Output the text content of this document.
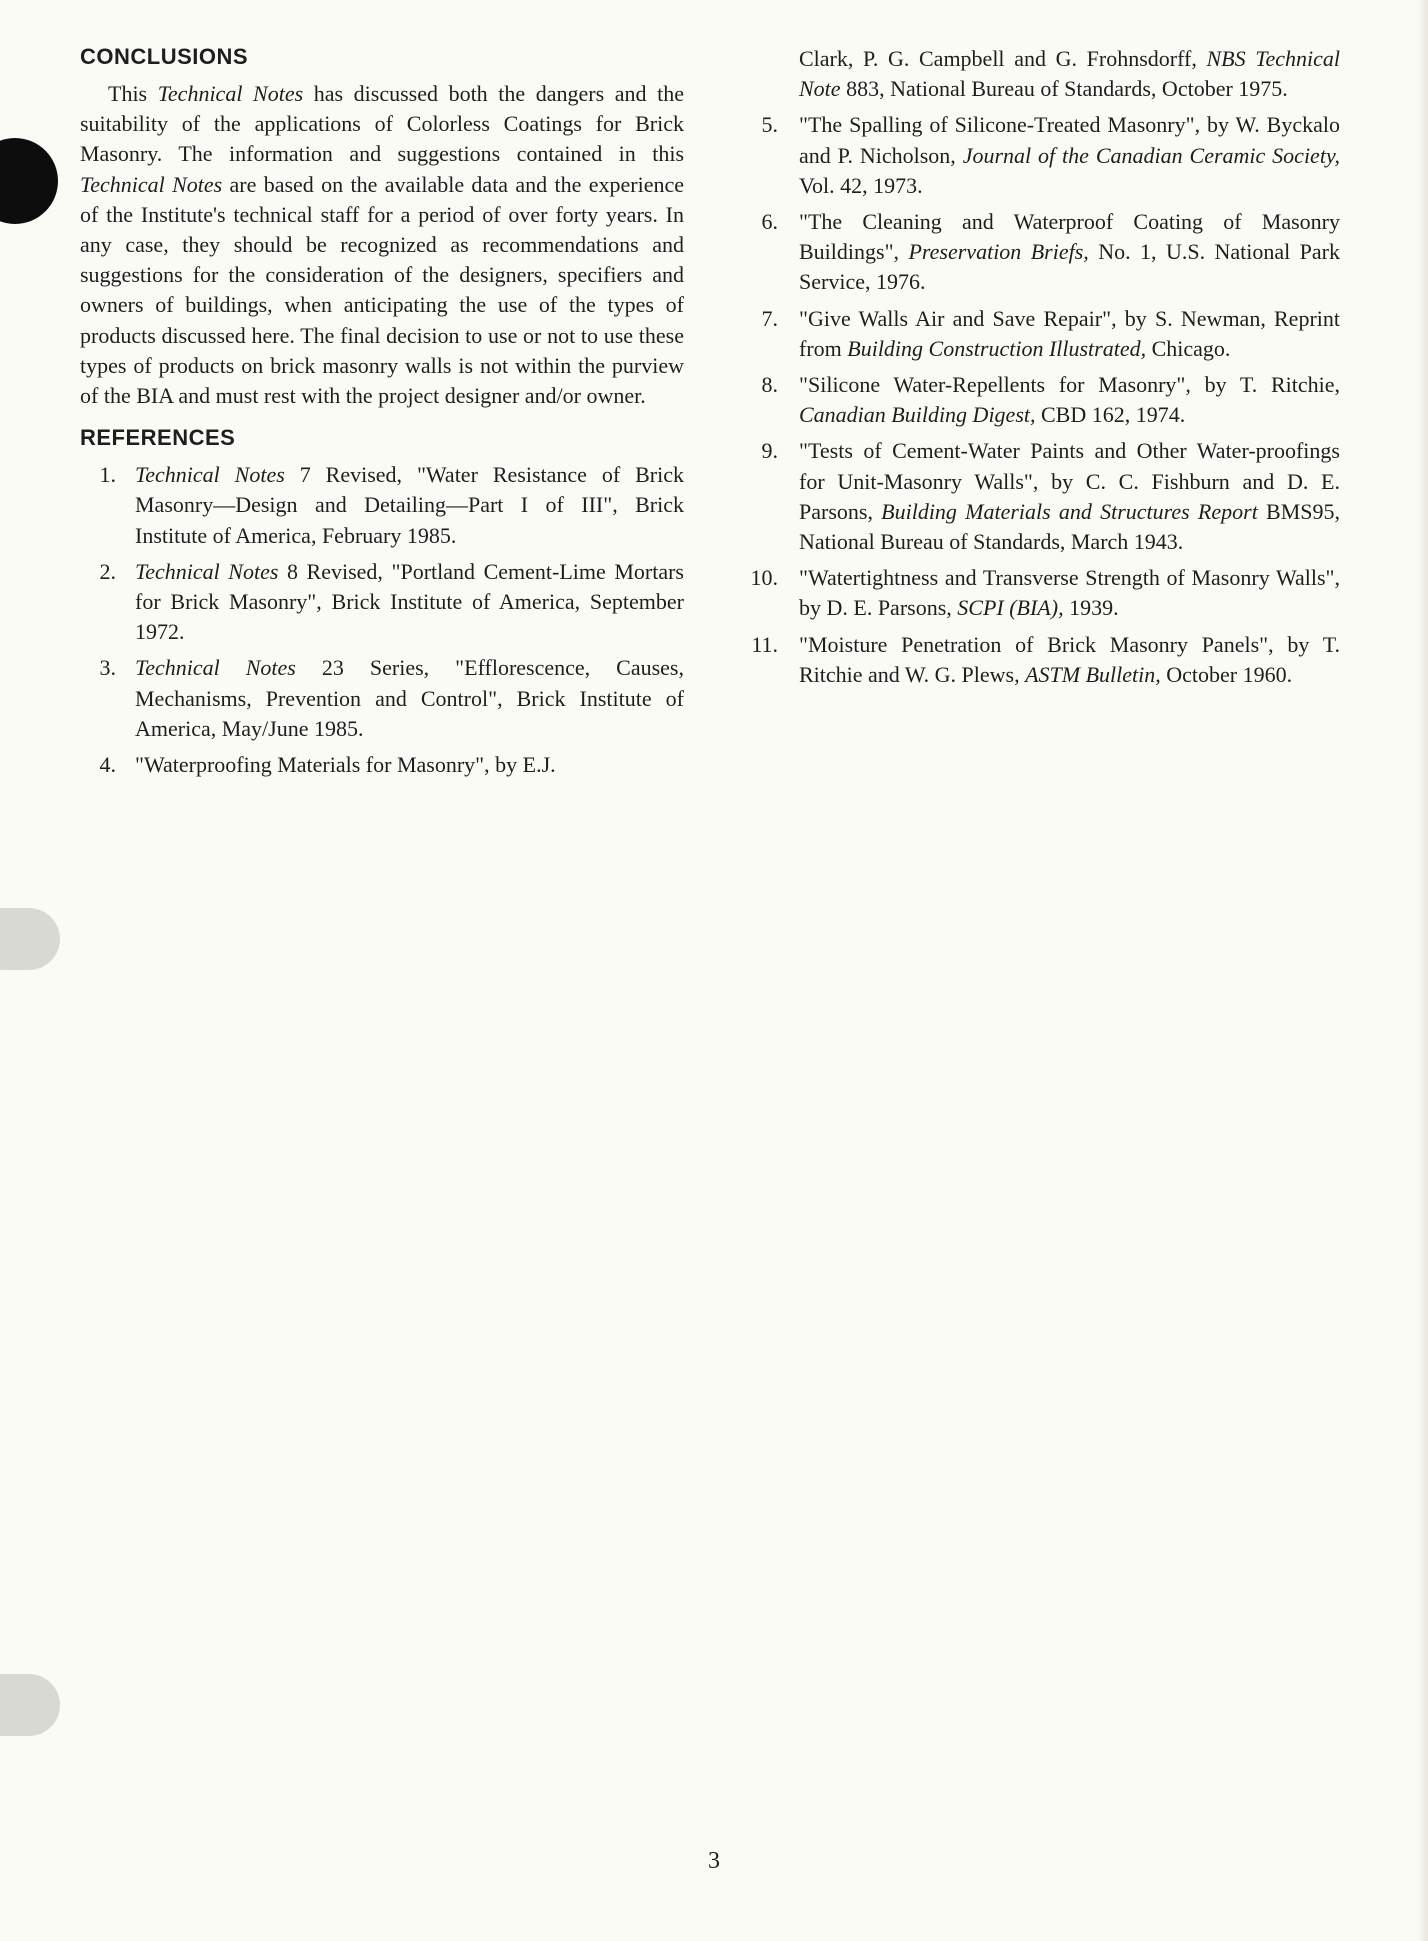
CONCLUSIONS

This Technical Notes has discussed both the dangers and the suitability of the applications of Colorless Coatings for Brick Masonry. The information and suggestions contained in this Technical Notes are based on the available data and the experience of the Institute's technical staff for a period of over forty years. In any case, they should be recognized as recommendations and suggestions for the consideration of the designers, specifiers and owners of buildings, when anticipating the use of the types of products discussed here. The final decision to use or not to use these types of products on brick masonry walls is not within the purview of the BIA and must rest with the project designer and/or owner.

REFERENCES
1. Technical Notes 7 Revised, "Water Resistance of Brick Masonry—Design and Detailing—Part I of III", Brick Institute of America, February 1985.
2. Technical Notes 8 Revised, "Portland Cement-Lime Mortars for Brick Masonry", Brick Institute of America, September 1972.
3. Technical Notes 23 Series, "Efflorescence, Causes, Mechanisms, Prevention and Control", Brick Institute of America, May/June 1985.
4. "Waterproofing Materials for Masonry", by E.J.

Clark, P. G. Campbell and G. Frohnsdorff, NBS Technical Note 883, National Bureau of Standards, October 1975.

5. "The Spalling of Silicone-Treated Masonry", by W. Byckalo and P. Nicholson, Journal of the Canadian Ceramic Society, Vol. 42, 1973.
6. "The Cleaning and Waterproof Coating of Masonry Buildings", Preservation Briefs, No. 1, U.S. National Park Service, 1976.
7. "Give Walls Air and Save Repair", by S. Newman, Reprint from Building Construction Illustrated, Chicago.
8. "Silicone Water-Repellents for Masonry", by T. Ritchie, Canadian Building Digest, CBD 162, 1974.
9. "Tests of Cement-Water Paints and Other Water-proofings for Unit-Masonry Walls", by C. C. Fishburn and D. E. Parsons, Building Materials and Structures Report BMS95, National Bureau of Standards, March 1943.
10. "Watertightness and Transverse Strength of Masonry Walls", by D. E. Parsons, SCPI (BIA), 1939.
11. "Moisture Penetration of Brick Masonry Panels", by T. Ritchie and W. G. Plews, ASTM Bulletin, October 1960.
3
